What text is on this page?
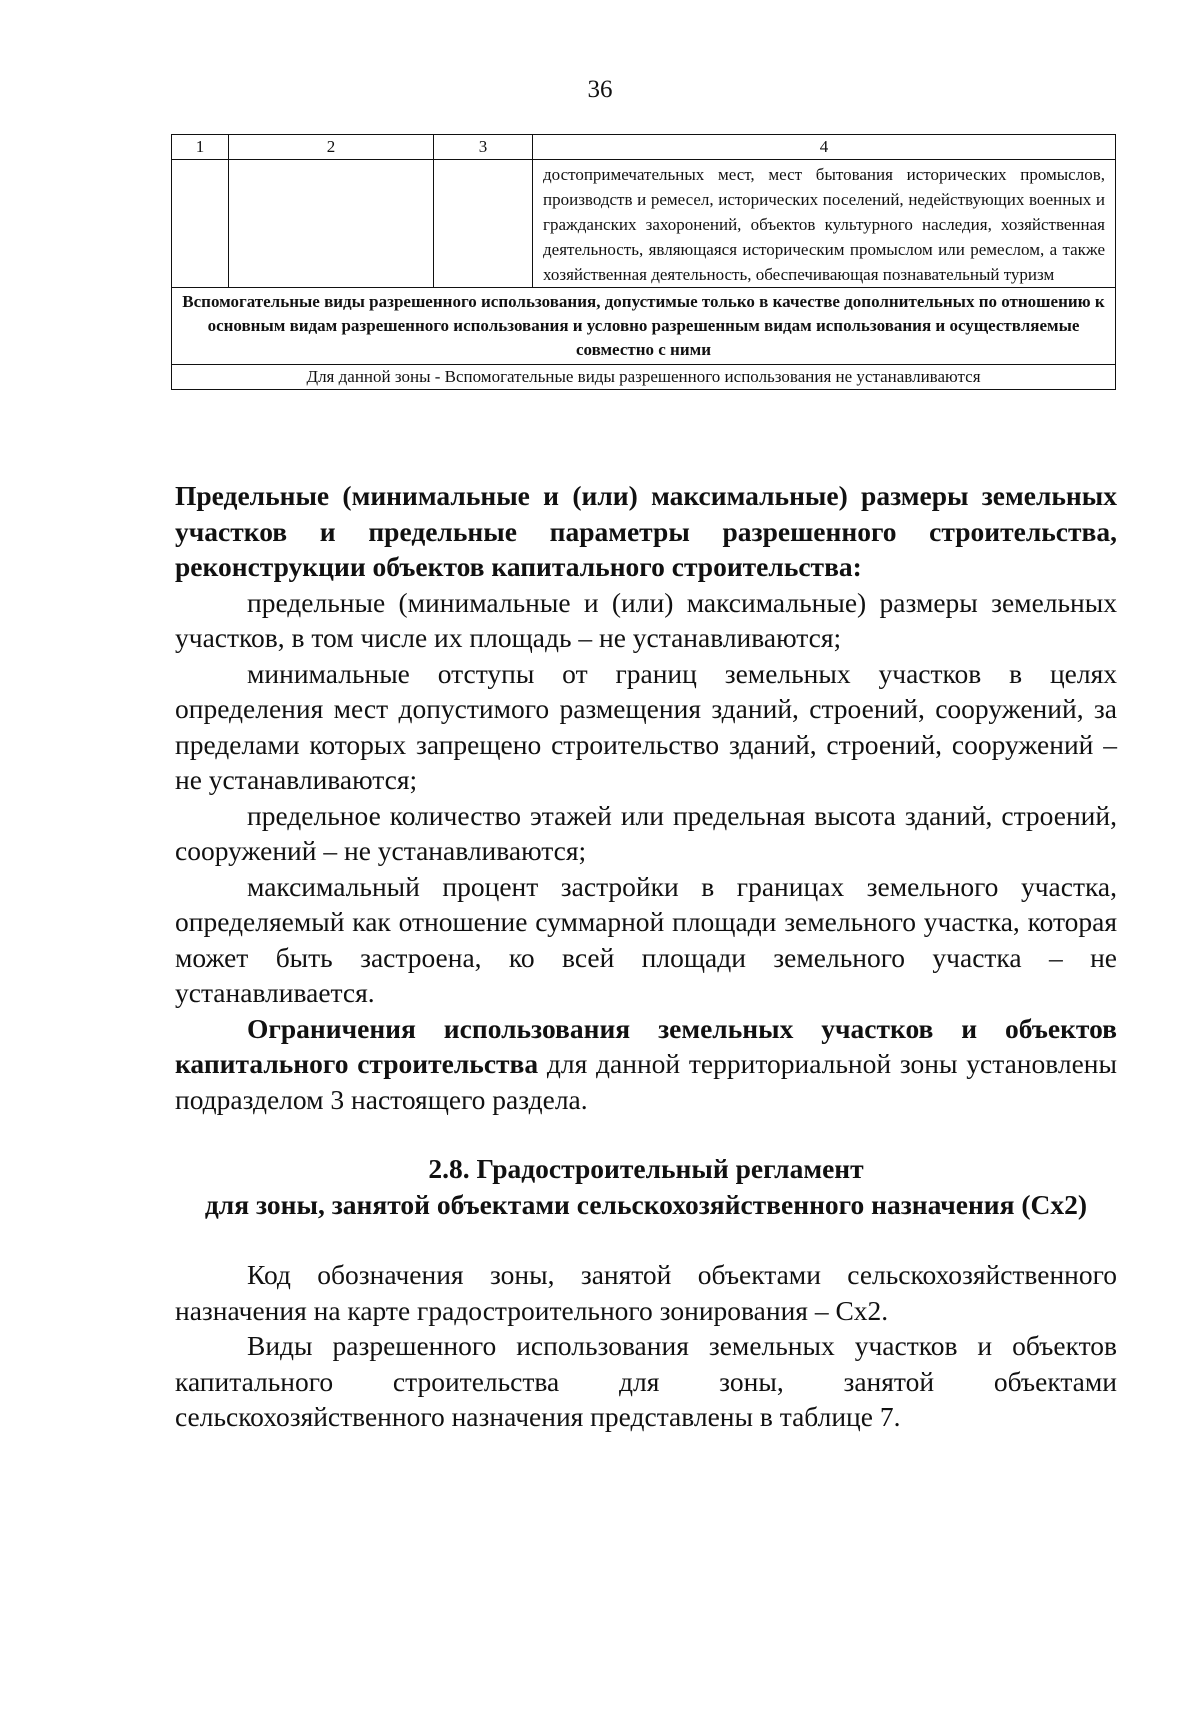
36
1	2	3	4
			достопримечательных мест, мест бытования исторических промыслов, производств и ремесел, исторических поселений, недействующих военных и гражданских захоронений, объектов культурного наследия, хозяйственная деятельность, являющаяся историческим промыслом или ремеслом, а также хозяйственная деятельность, обеспечивающая познавательный туризм
Вспомогательные виды разрешенного использования, допустимые только в качестве дополнительных по отношению к основным видам разрешенного использования и условно разрешенным видам использования и осуществляемые совместно с ними			
Для данной зоны - Вспомогательные виды разрешенного использования не устанавливаются			

Предельные (минимальные и (или) максимальные) размеры земельных участков и предельные параметры разрешенного строительства, реконструкции объектов капитального строительства:

предельные (минимальные и (или) максимальные) размеры земельных участков, в том числе их площадь – не устанавливаются;

минимальные отступы от границ земельных участков в целях определения мест допустимого размещения зданий, строений, сооружений, за пределами которых запрещено строительство зданий, строений, сооружений – не устанавливаются;

предельное количество этажей или предельная высота зданий, строений, сооружений – не устанавливаются;

максимальный процент застройки в границах земельного участка, определяемый как отношение суммарной площади земельного участка, которая может быть застроена, ко всей площади земельного участка – не устанавливается.

Ограничения использования земельных участков и объектов капитального строительства для данной территориальной зоны установлены подразделом 3 настоящего раздела.

2.8. Градостроительный регламент

для зоны, занятой объектами сельскохозяйственного назначения (Сх2)

Код обозначения зоны, занятой объектами сельскохозяйственного назначения на карте градостроительного зонирования – Сх2.

Виды разрешенного использования земельных участков и объектов капитального строительства для зоны, занятой объектами сельскохозяйственного назначения представлены в таблице 7.
